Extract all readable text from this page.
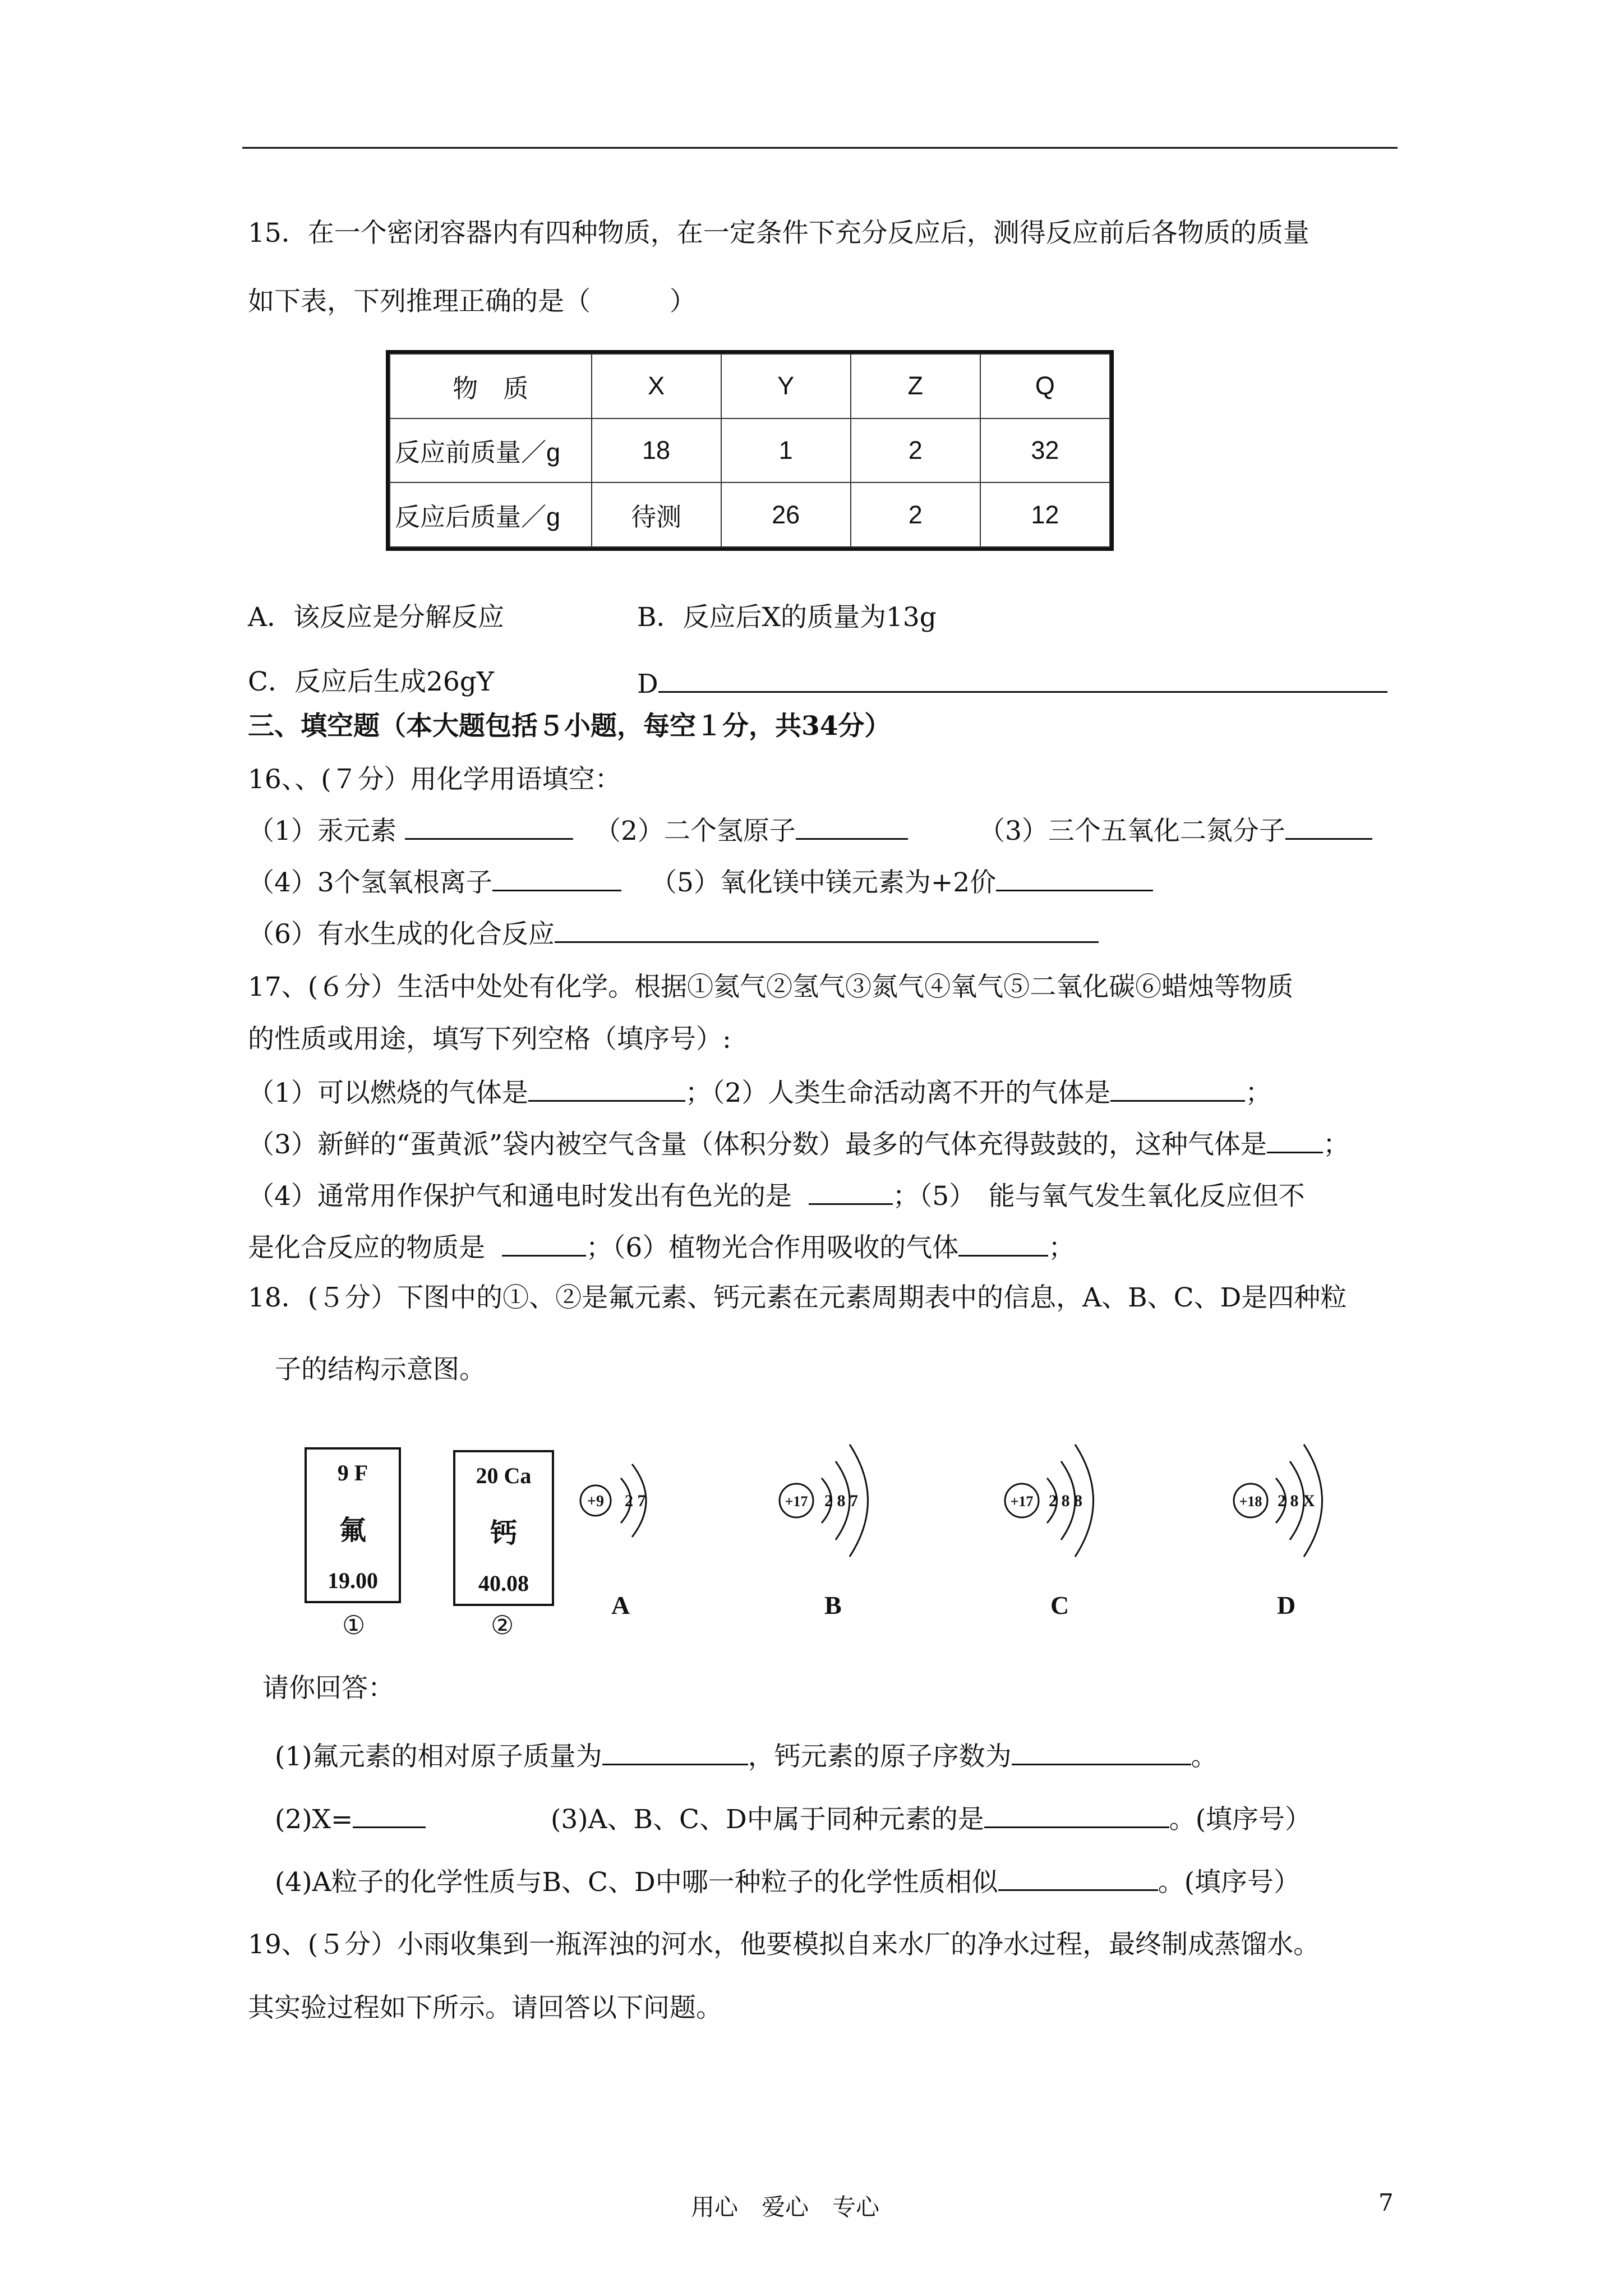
15．在一个密闭容器内有四种物质，在一定条件下充分反应后，测得反应前后各物质的质量
如下表，下列推理正确的是（　　　）
物　质	X	Y	Z	Q
反应前质量／g	18	1	2	32
反应后质量／g	待测	26	2	12
A．该反应是分解反应	B．反应后X的质量为13g
C．反应后生成26gY	D
三、填空题（本大题包括５小题，每空１分，共34分）
16、、(７分）用化学用语填空：
（1）汞元素	（2）二个氢原子	（3）三个五氧化二氮分子
（4）3个氢氧根离子	（5）氧化镁中镁元素为+2价
（6）有水生成的化合反应
17、(６分）生活中处处有化学。根据①氦气②氢气③氮气④氧气⑤二氧化碳⑥蜡烛等物质
的性质或用途，填写下列空格（填序号）:
（1）可以燃烧的气体是	；（2）人类生命活动离不开的气体是	；
（3）新鲜的“蛋黄派”袋内被空气含量（体积分数）最多的气体充得鼓鼓的，这种气体是 ；
（4）通常用作保护气和通电时发出有色光的是	；（5）　能与氧气发生氧化反应但不
是化合反应的物质是	；（6）植物光合作用吸收的气体	；
18．(５分）下图中的①、②是氟元素、钙元素在元素周期表中的信息，A、B、C、D是四种粒
子的结构示意图。
9 F
氟
19.00
①
20 Ca
钙
40.08
②
+9 2 7	+17 2 8 7	+17 2 8 8	+18 2 8 X
A	B	C	D
请你回答：
(1)氟元素的相对原子质量为	，钙元素的原子序数为	。
(2)X=	(3)A、B、C、D中属于同种元素的是	。(填序号）
(4)A粒子的化学性质与B、C、D中哪一种粒子的化学性质相似	。(填序号）
19、(５分）小雨收集到一瓶浑浊的河水，他要模拟自来水厂的净水过程，最终制成蒸馏水。
其实验过程如下所示。请回答以下问题。
用心　爱心　专心	7
